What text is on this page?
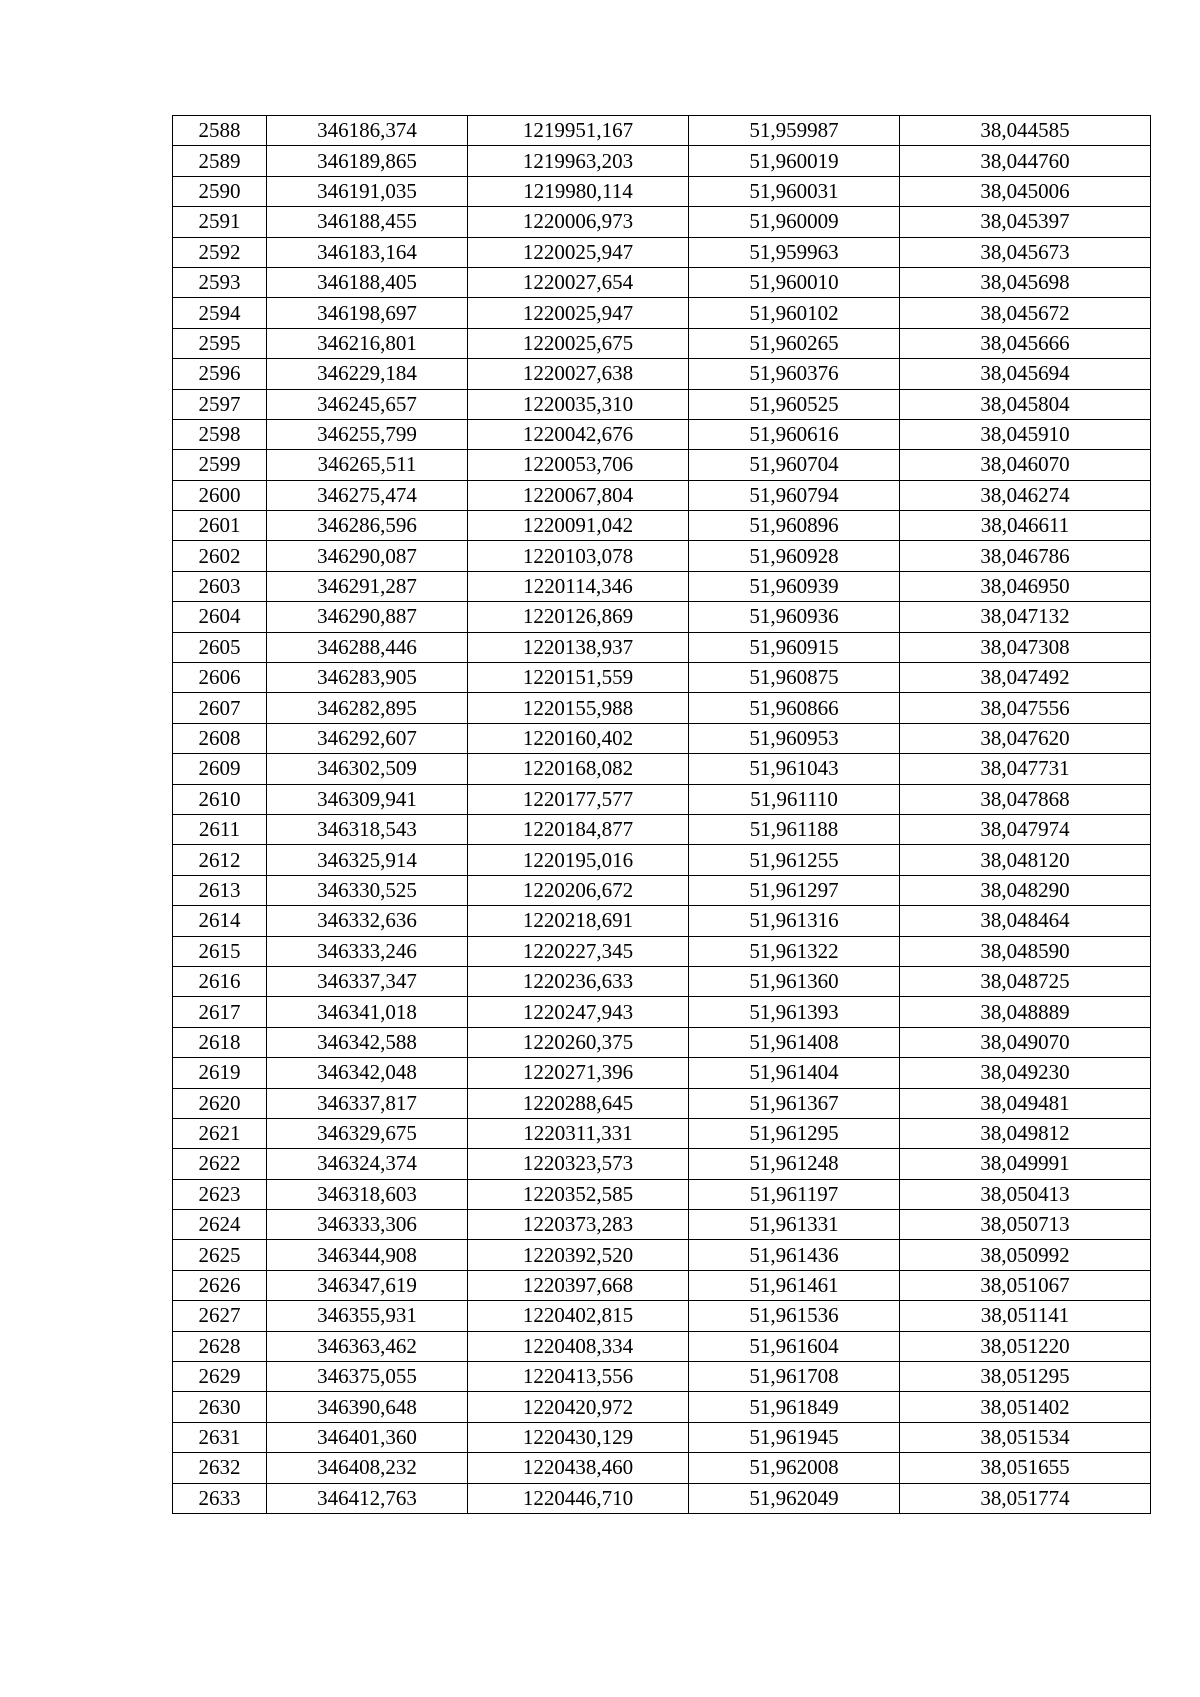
2588	346186,374	1219951,167	51,959987	38,044585
2589	346189,865	1219963,203	51,960019	38,044760
2590	346191,035	1219980,114	51,960031	38,045006
2591	346188,455	1220006,973	51,960009	38,045397
2592	346183,164	1220025,947	51,959963	38,045673
2593	346188,405	1220027,654	51,960010	38,045698
2594	346198,697	1220025,947	51,960102	38,045672
2595	346216,801	1220025,675	51,960265	38,045666
2596	346229,184	1220027,638	51,960376	38,045694
2597	346245,657	1220035,310	51,960525	38,045804
2598	346255,799	1220042,676	51,960616	38,045910
2599	346265,511	1220053,706	51,960704	38,046070
2600	346275,474	1220067,804	51,960794	38,046274
2601	346286,596	1220091,042	51,960896	38,046611
2602	346290,087	1220103,078	51,960928	38,046786
2603	346291,287	1220114,346	51,960939	38,046950
2604	346290,887	1220126,869	51,960936	38,047132
2605	346288,446	1220138,937	51,960915	38,047308
2606	346283,905	1220151,559	51,960875	38,047492
2607	346282,895	1220155,988	51,960866	38,047556
2608	346292,607	1220160,402	51,960953	38,047620
2609	346302,509	1220168,082	51,961043	38,047731
2610	346309,941	1220177,577	51,961110	38,047868
2611	346318,543	1220184,877	51,961188	38,047974
2612	346325,914	1220195,016	51,961255	38,048120
2613	346330,525	1220206,672	51,961297	38,048290
2614	346332,636	1220218,691	51,961316	38,048464
2615	346333,246	1220227,345	51,961322	38,048590
2616	346337,347	1220236,633	51,961360	38,048725
2617	346341,018	1220247,943	51,961393	38,048889
2618	346342,588	1220260,375	51,961408	38,049070
2619	346342,048	1220271,396	51,961404	38,049230
2620	346337,817	1220288,645	51,961367	38,049481
2621	346329,675	1220311,331	51,961295	38,049812
2622	346324,374	1220323,573	51,961248	38,049991
2623	346318,603	1220352,585	51,961197	38,050413
2624	346333,306	1220373,283	51,961331	38,050713
2625	346344,908	1220392,520	51,961436	38,050992
2626	346347,619	1220397,668	51,961461	38,051067
2627	346355,931	1220402,815	51,961536	38,051141
2628	346363,462	1220408,334	51,961604	38,051220
2629	346375,055	1220413,556	51,961708	38,051295
2630	346390,648	1220420,972	51,961849	38,051402
2631	346401,360	1220430,129	51,961945	38,051534
2632	346408,232	1220438,460	51,962008	38,051655
2633	346412,763	1220446,710	51,962049	38,051774
